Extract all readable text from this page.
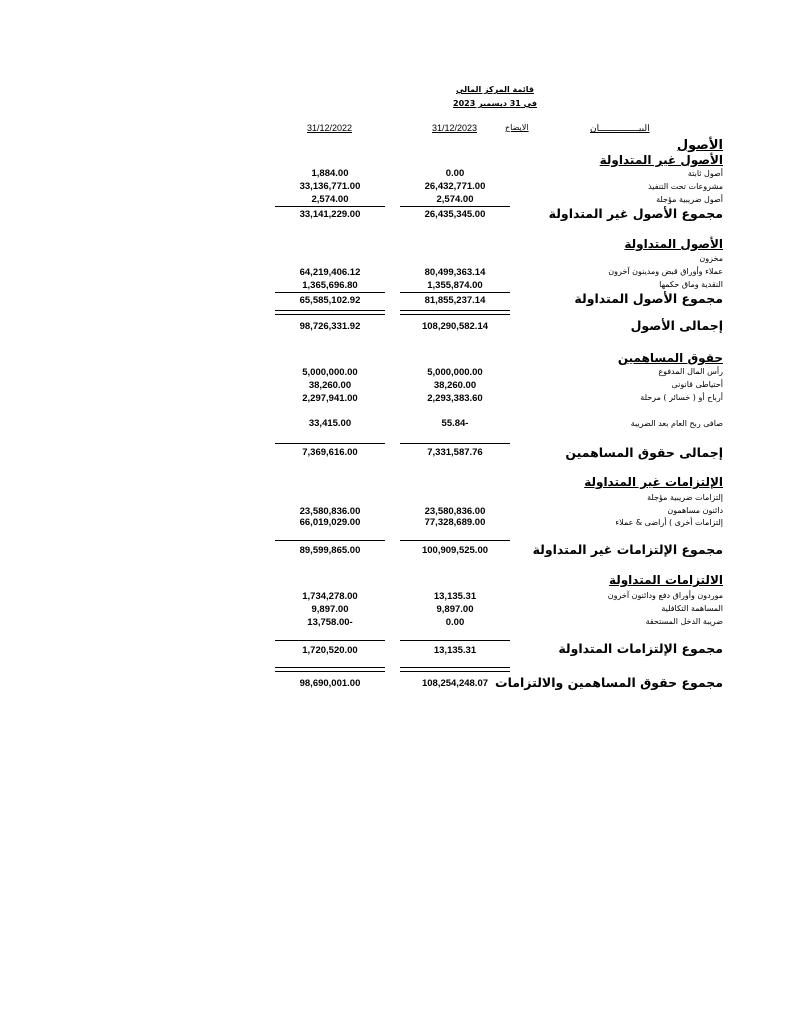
قائمة المركز المالي
في 31 ديسمبر 2023
البيـــــــــــــــان
الايضاح
31/12/2023
31/12/2022
الأصول
الأصول غير المتداولة
أصول ثابتة
0.00
1,884.00
مشروعات تحت التنفيذ
26,432,771.00
33,136,771.00
أصول ضريبية مؤجلة
2,574.00
2,574.00
مجموع الأصول غير المتداولة
26,435,345.00
33,141,229.00
الأصول المتداولة
مخزون
عملاء وأوراق قبض ومدينون آخرون
80,499,363.14
64,219,406.12
النقدية وماق حكمها
1,355,874.00
1,365,696.80
مجموع الأصول المتداولة
81,855,237.14
65,585,102.92
إجمالى الأصول
108,290,582.14
98,726,331.92
حقوق المساهمين
رأس المال المدفوع
5,000,000.00
5,000,000.00
أحتياطى قانونى
38,260.00
38,260.00
أرباح أو ( خسائر ) مرحلة
2,293,383.60
2,297,941.00
صافى ربح العام بعد الضريبة
55.84-
33,415.00
إجمالى حقوق المساهمين
7,331,587.76
7,369,616.00
الإلتزامات غير المتداولة
إلتزامات ضريبية مؤجلة
دائنون مساهمون
23,580,836.00
23,580,836.00
إلتزامات أخرى ) أراضى & عملاء
77,328,689.00
66,019,029.00
مجموع الإلتزامات غير المتداولة
100,909,525.00
89,599,865.00
الالتزامات المتداولة
موردون وأوراق دفع ودائنون آخرون
13,135.31
1,734,278.00
المساهمة التكافلية
9,897.00
9,897.00
ضريبة الدخل المستحقة
0.00
13,758.00-
مجموع الإلتزامات المتداولة
13,135.31
1,720,520.00
مجموع حقوق المساهمين والالتزامات
108,254,248.07
98,690,001.00
